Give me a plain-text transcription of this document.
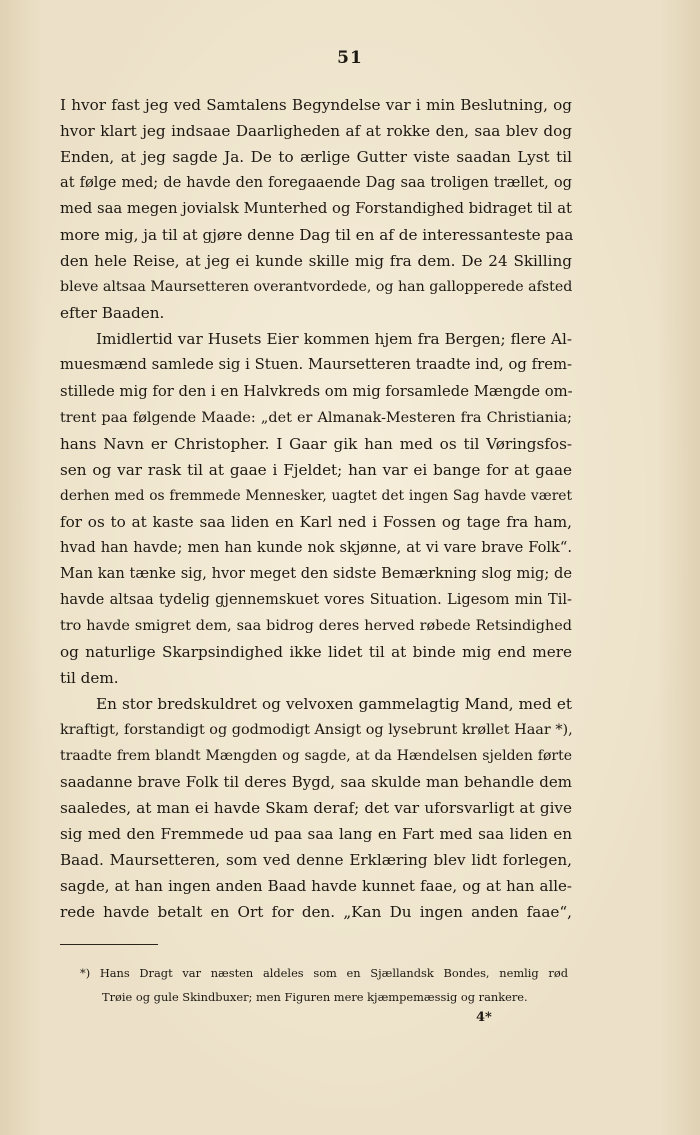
51
I hvor fast jeg ved Samtalens Begyndelse var i min Beslutning, og
hvor klart jeg indsaae Daarligheden af at rokke den, saa blev dog
Enden, at jeg sagde Ja. De to ærlige Gutter viste saadan Lyst til
at følge med; de havde den foregaaende Dag saa troligen trællet, og
med saa megen jovialsk Munterhed og Forstandighed bidraget til at
more mig, ja til at gjøre denne Dag til en af de interessanteste paa
den hele Reise, at jeg ei kunde skille mig fra dem. De 24 Skilling
bleve altsaa Maursetteren overantvordede, og han gallopperede afsted
efter Baaden.
Imidlertid var Husets Eier kommen hjem fra Bergen; flere Al-
muesmænd samlede sig i Stuen. Maursetteren traadte ind, og frem-
stillede mig for den i en Halvkreds om mig forsamlede Mængde om-
trent paa følgende Maade: „det er Almanak-Mesteren fra Christiania;
hans Navn er Christopher. I Gaar gik han med os til Vøringsfos-
sen og var rask til at gaae i Fjeldet; han var ei bange for at gaae
derhen med os fremmede Mennesker, uagtet det ingen Sag havde været
for os to at kaste saa liden en Karl ned i Fossen og tage fra ham,
hvad han havde; men han kunde nok skjønne, at vi vare brave Folk“.
Man kan tænke sig, hvor meget den sidste Bemærkning slog mig; de
havde altsaa tydelig gjennemskuet vores Situation. Ligesom min Til-
tro havde smigret dem, saa bidrog deres herved røbede Retsindighed
og naturlige Skarpsindighed ikke lidet til at binde mig end mere
til dem.
En stor bredskuldret og velvoxen gammelagtig Mand, med et
kraftigt, forstandigt og godmodigt Ansigt og lysebrunt krøllet Haar *),
traadte frem blandt Mængden og sagde, at da Hændelsen sjelden førte
saadanne brave Folk til deres Bygd, saa skulde man behandle dem
saaledes, at man ei havde Skam deraf; det var uforsvarligt at give
sig med den Fremmede ud paa saa lang en Fart med saa liden en
Baad. Maursetteren, som ved denne Erklæring blev lidt forlegen,
sagde, at han ingen anden Baad havde kunnet faae, og at han alle-
rede havde betalt en Ort for den. „Kan Du ingen anden faae“,
*) Hans Dragt var næsten aldeles som en Sjællandsk Bondes, nemlig rød
Trøie og gule Skindbuxer; men Figuren mere kjæmpemæssig og rankere.
4*
